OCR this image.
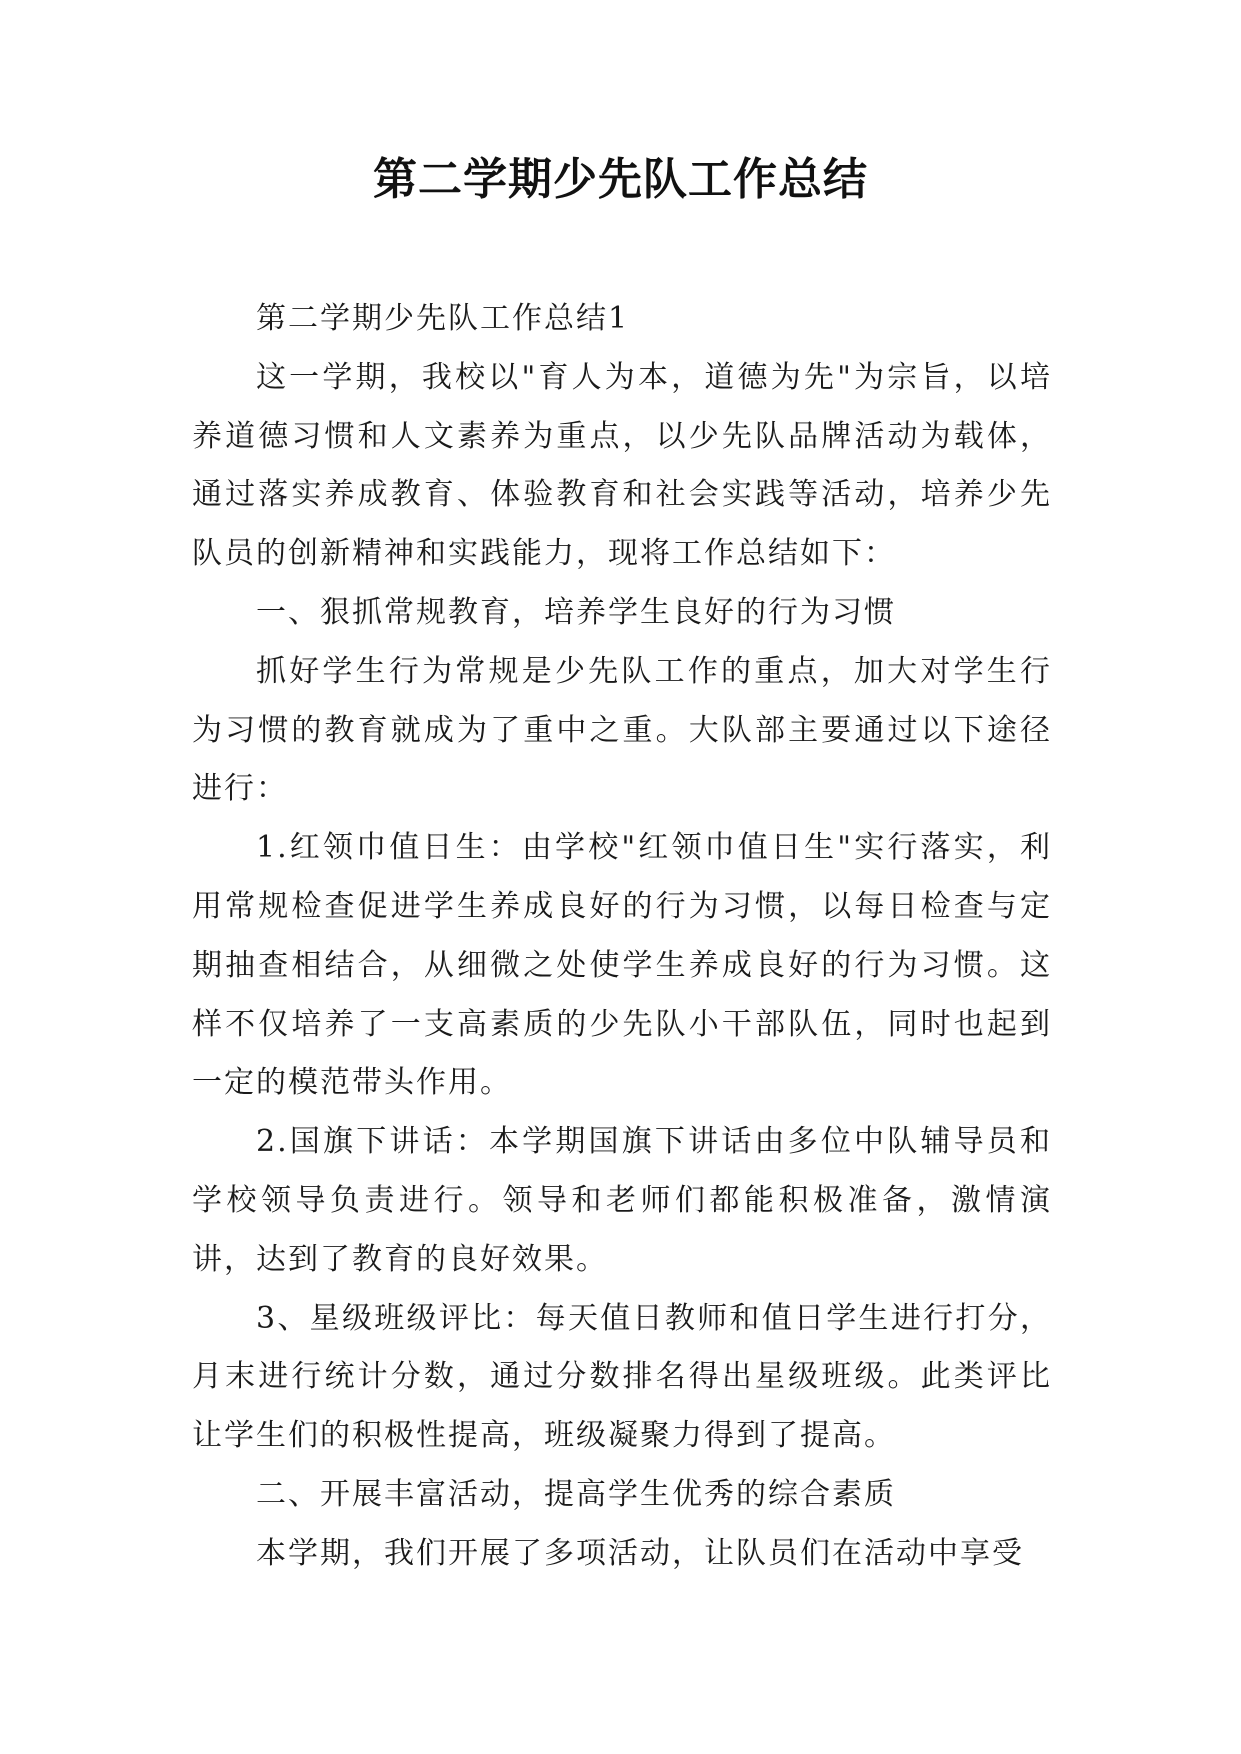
第二学期少先队工作总结

第二学期少先队工作总结1

这一学期，我校以"育人为本，道德为先"为宗旨，以培养道德习惯和人文素养为重点，以少先队品牌活动为载体，通过落实养成教育、体验教育和社会实践等活动，培养少先队员的创新精神和实践能力，现将工作总结如下：

一、狠抓常规教育，培养学生良好的行为习惯

抓好学生行为常规是少先队工作的重点，加大对学生行为习惯的教育就成为了重中之重。大队部主要通过以下途径进行：

1.红领巾值日生：由学校"红领巾值日生"实行落实，利用常规检查促进学生养成良好的行为习惯，以每日检查与定期抽查相结合，从细微之处使学生养成良好的行为习惯。这样不仅培养了一支高素质的少先队小干部队伍，同时也起到一定的模范带头作用。

2.国旗下讲话：本学期国旗下讲话由多位中队辅导员和学校领导负责进行。领导和老师们都能积极准备，激情演讲，达到了教育的良好效果。

3、星级班级评比：每天值日教师和值日学生进行打分，月末进行统计分数，通过分数排名得出星级班级。此类评比让学生们的积极性提高，班级凝聚力得到了提高。

二、开展丰富活动，提高学生优秀的综合素质

本学期，我们开展了多项活动，让队员们在活动中享受
